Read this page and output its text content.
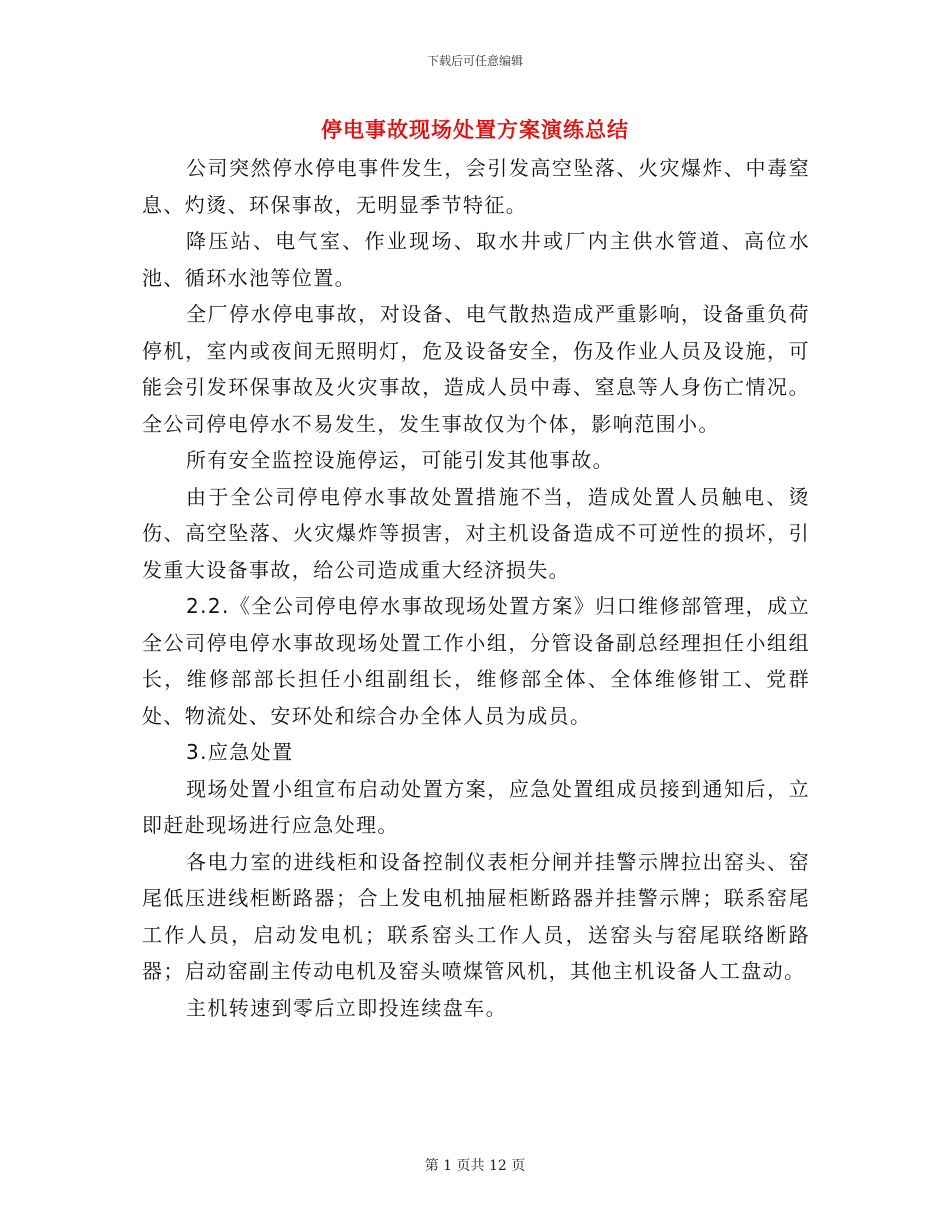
下载后可任意编辑
停电事故现场处置方案演练总结

公司突然停水停电事件发生，会引发高空坠落、火灾爆炸、中毒窒息、灼烫、环保事故，无明显季节特征。

降压站、电气室、作业现场、取水井或厂内主供水管道、高位水池、循环水池等位置。

全厂停水停电事故，对设备、电气散热造成严重影响，设备重负荷停机，室内或夜间无照明灯，危及设备安全，伤及作业人员及设施，可能会引发环保事故及火灾事故，造成人员中毒、窒息等人身伤亡情况。全公司停电停水不易发生，发生事故仅为个体，影响范围小。

所有安全监控设施停运，可能引发其他事故。

由于全公司停电停水事故处置措施不当，造成处置人员触电、烫伤、高空坠落、火灾爆炸等损害，对主机设备造成不可逆性的损坏，引发重大设备事故，给公司造成重大经济损失。

2.2.《全公司停电停水事故现场处置方案》归口维修部管理，成立全公司停电停水事故现场处置工作小组，分管设备副总经理担任小组组长，维修部部长担任小组副组长，维修部全体、全体维修钳工、党群处、物流处、安环处和综合办全体人员为成员。

3.应急处置

现场处置小组宣布启动处置方案，应急处置组成员接到通知后，立即赶赴现场进行应急处理。

各电力室的进线柜和设备控制仪表柜分闸并挂警示牌拉出窑头、窑尾低压进线柜断路器；合上发电机抽屉柜断路器并挂警示牌；联系窑尾工作人员，启动发电机；联系窑头工作人员，送窑头与窑尾联络断路器；启动窑副主传动电机及窑头喷煤管风机，其他主机设备人工盘动。

主机转速到零后立即投连续盘车。

第 1 页共 12 页
